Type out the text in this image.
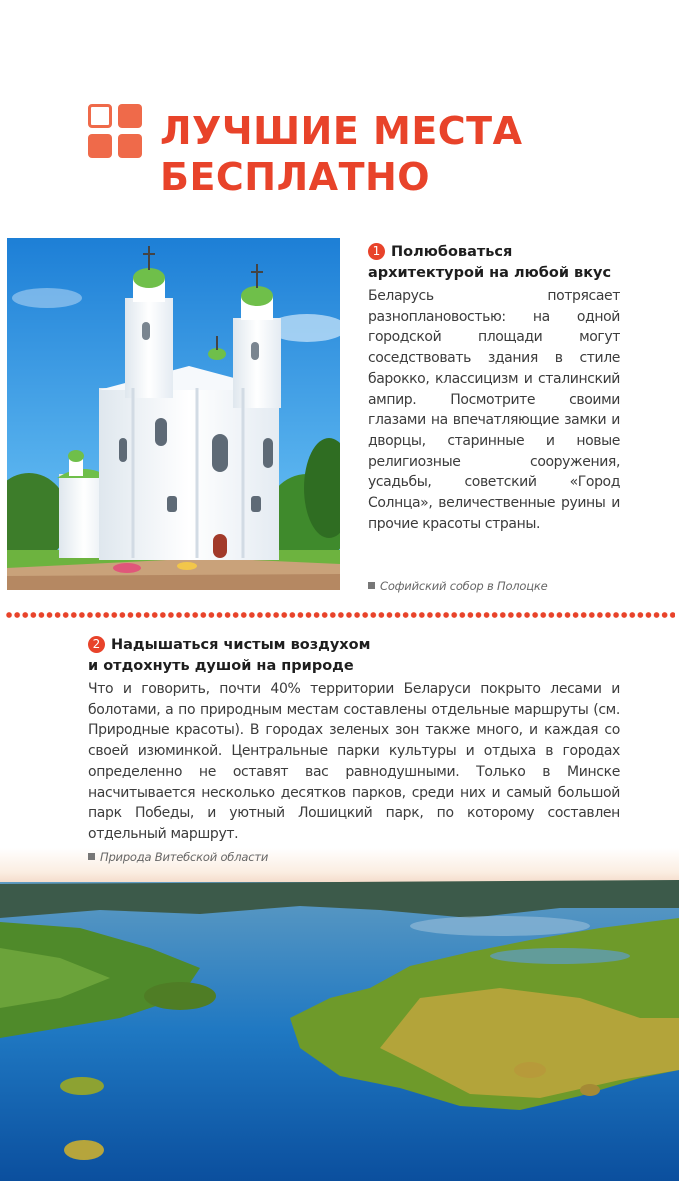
ЛУЧШИЕ МЕСТА
БЕСПЛАТНО
1 Полюбоваться
архитектурой на любой вкус

Беларусь потрясает разноплановостью: на одной городской площади могут соседствовать здания в стиле барокко, классицизм и сталинский ампир. Посмотрите своими глазами на впечатляющие замки и дворцы, старинные и новые религиозные сооружения, усадьбы, советский «Город Солнца», величественные руины и прочие красоты страны.

Софийский собор в Полоцке
2 Надышаться чистым воздухом
и отдохнуть душой на природе

Что и говорить, почти 40% территории Беларуси покрыто лесами и болотами, а по природным местам составлены отдельные маршруты (см. Природные красоты). В городах зеленых зон также много, и каждая со своей изюминкой. Центральные парки культуры и отдыха в городах определенно не оставят вас равнодушными. Только в Минске насчитывается несколько десятков парков, среди них и самый большой парк Победы, и уютный Лошицкий парк, по которому составлен отдельный маршрут.

Природа Витебской области
